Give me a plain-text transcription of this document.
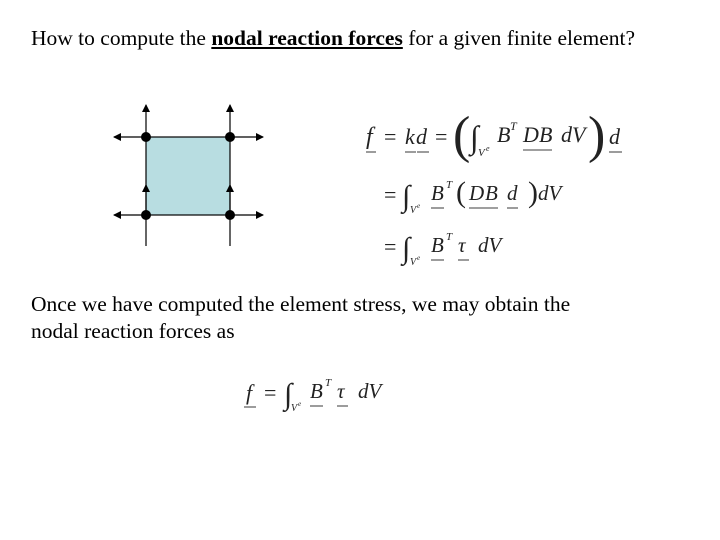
How to compute the nodal reaction forces for a given finite element?
f = k d = ( ∫ V e
B T D B dV ) d
= ∫ V e
B T ( D B d ) dV
= ∫ V e
B T τ dV
Once we have computed the element stress, we may obtain the
nodal reaction forces as
f = ∫
V e
B T τ dV
